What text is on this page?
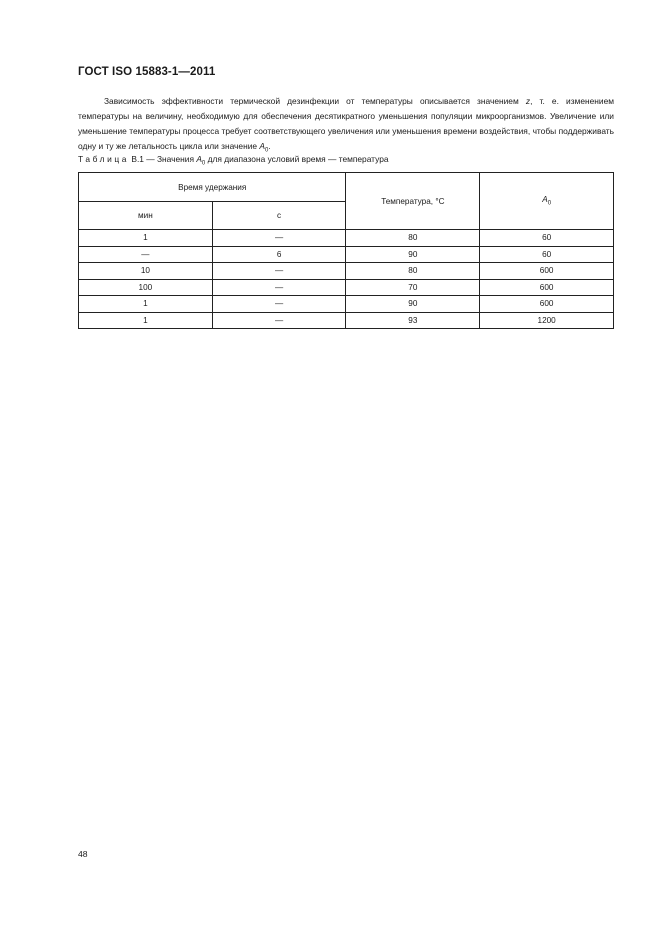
ГОСТ ISO 15883-1—2011

Зависимость эффективности термической дезинфекции от температуры описывается значением z, т. е. изменением температуры на величину, необходимую для обеспечения десятикратного уменьшения популяции микроорганизмов. Увеличение или уменьшение температуры процесса требует соответствующего увеличения или уменьшения времени воздействия, чтобы поддерживать одну и ту же летальность цикла или значение $A_0$.

Таблица B.1 — Значения $A_0$ для диапазона условий время — температура
Время удержания		Температура, °C	$A_0$
мин	с		
1	—	80	60
—	6	90	60
10	—	80	600
100	—	70	600
1	—	90	600
1	—	93	1200
48
